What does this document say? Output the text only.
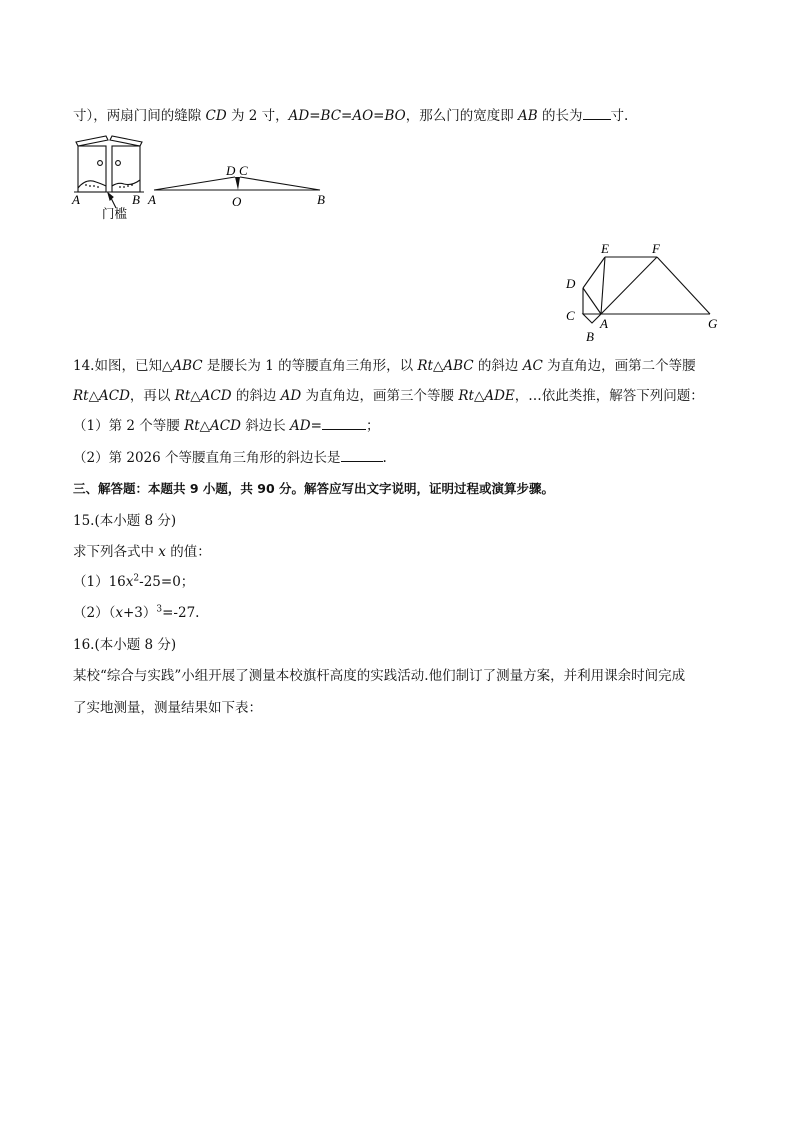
寸），两扇门间的缝隙 CD 为 2 寸，AD=BC=AO=BO，那么门的宽度即 AB 的长为 寸.
A	B
门槛
A	B
O
D C
E	F
D
C
A
B
G
14.如图，已知△ABC 是腰长为 1 的等腰直角三角形，以 Rt△ABC 的斜边 AC 为直角边，画第二个等腰
Rt△ACD，再以 Rt△ACD 的斜边 AD 为直角边，画第三个等腰 Rt△ADE，…依此类推，解答下列问题：
（1）第 2 个等腰 Rt△ACD 斜边长 AD=	；
（2）第 2026 个等腰直角三角形的斜边长是	.
三、解答题：本题共 9 小题，共 90 分。解答应写出文字说明，证明过程或演算步骤。
15.(本小题 8 分)
求下列各式中 x 的值：
$(1)16x^2-25=0$；
$(2)(x+3)^3=-27$.
16.(本小题 8 分)
某校“综合与实践”小组开展了测量本校旗杆高度的实践活动.他们制订了测量方案，并利用课余时间完成
了实地测量，测量结果如下表：
